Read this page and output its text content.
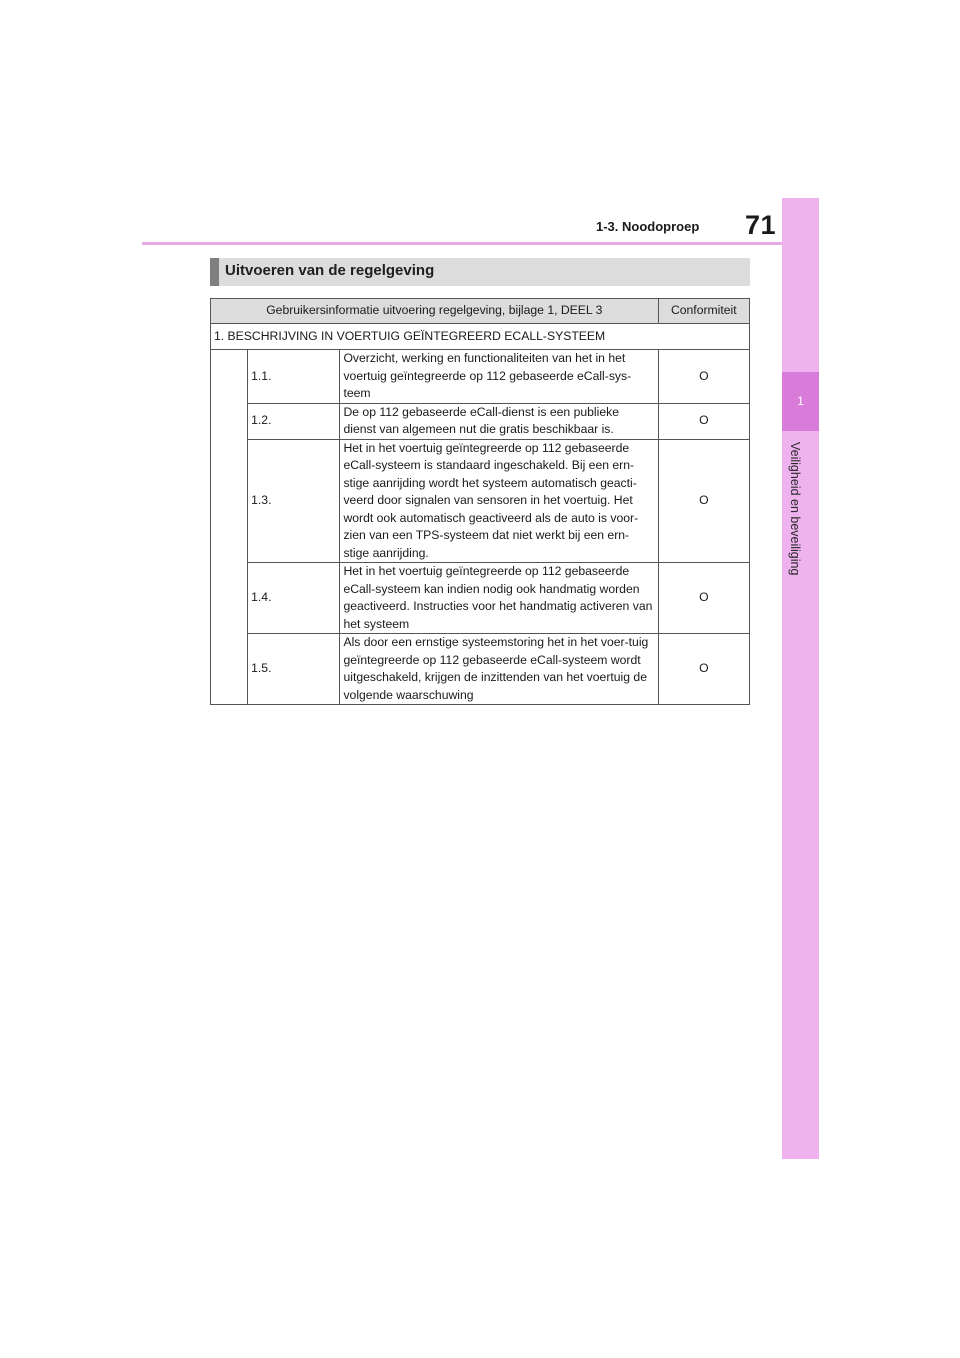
1
Veiligheid en beveiliging
1-3. Noodoproep 71
Uitvoeren van de regelgeving
Gebruikersinformatie uitvoering regelgeving, bijlage 1, DEEL 3			Conformiteit
1. BESCHRIJVING IN VOERTUIG GEÏNTEGREERD ECALL-SYSTEEM			
	1.1.	Overzicht, werking en functionaliteiten van het in het voertuig geïntegreerde op 112 gebaseerde eCall-sys-teem	O
	1.2.	De op 112 gebaseerde eCall-dienst is een publieke dienst van algemeen nut die gratis beschikbaar is.	O
	1.3.	Het in het voertuig geïntegreerde op 112 gebaseerde eCall-systeem is standaard ingeschakeld. Bij een ern-stige aanrijding wordt het systeem automatisch geacti-veerd door signalen van sensoren in het voertuig. Het wordt ook automatisch geactiveerd als de auto is voor-zien van een TPS-systeem dat niet werkt bij een ern-stige aanrijding.	O
	1.4.	Het in het voertuig geïntegreerde op 112 gebaseerde eCall-systeem kan indien nodig ook handmatig worden geactiveerd. Instructies voor het handmatig activeren van het systeem	O
	1.5.	Als door een ernstige systeemstoring het in het voer-tuig geïntegreerde op 112 gebaseerde eCall-systeem wordt uitgeschakeld, krijgen de inzittenden van het voertuig de volgende waarschuwing	O
